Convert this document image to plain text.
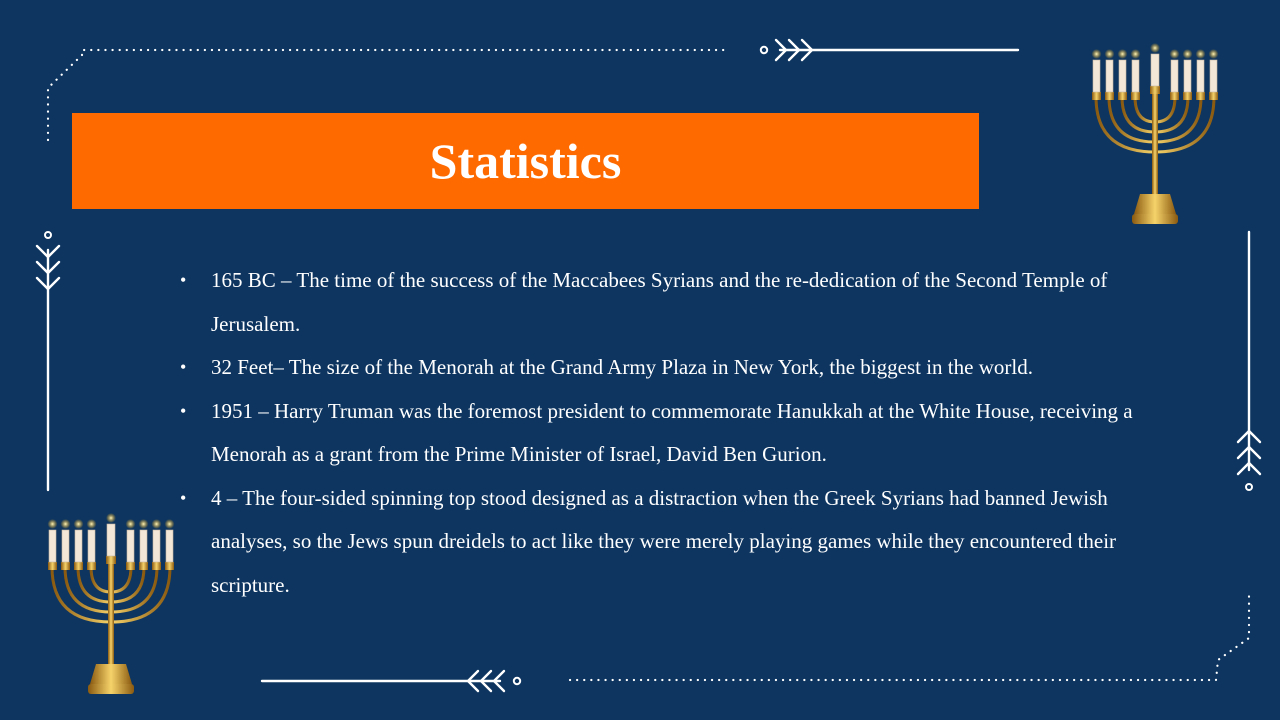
Statistics
• 165 BC – The time of the success of the Maccabees Syrians and the re-dedication of the Second Temple of Jerusalem.
• 32 Feet– The size of the Menorah at the Grand Army Plaza in New York, the biggest in the world.
• 1951 – Harry Truman was the foremost president to commemorate Hanukkah at the White House, receiving a Menorah as a grant from the Prime Minister of Israel, David Ben Gurion.
• 4 – The four-sided spinning top stood designed as a distraction when the Greek Syrians had banned Jewish analyses, so the Jews spun dreidels to act like they were merely playing games while they encountered their scripture.
